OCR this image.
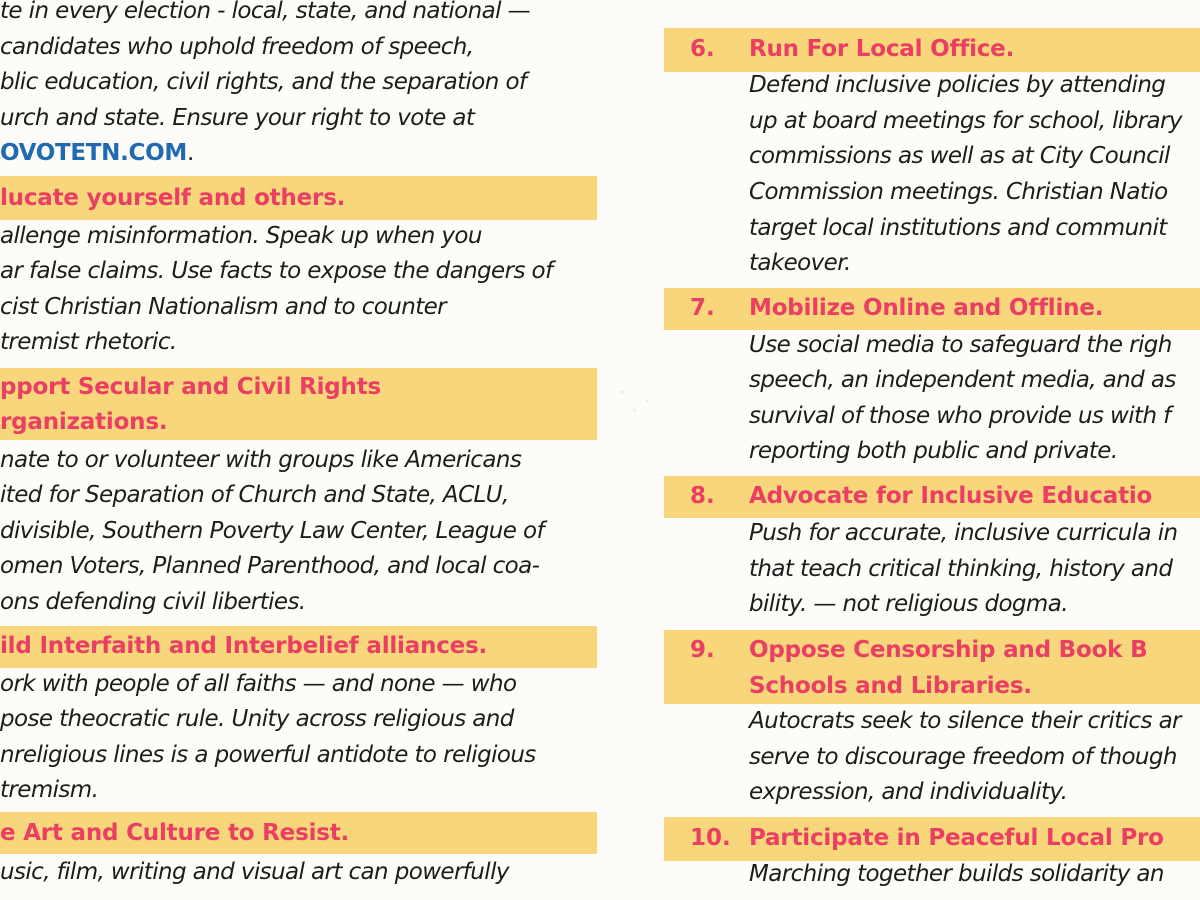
te in every election - local, state, and national —
candidates who uphold freedom of speech,
blic education, civil rights, and the separation of
urch and state. Ensure your right to vote at
OVOTETN.COM.
lucate yourself and others.
allenge misinformation. Speak up when you
ar false claims. Use facts to expose the dangers of
cist Christian Nationalism and to counter
tremist rhetoric.
pport Secular and Civil Rights
rganizations.
nate to or volunteer with groups like Americans
ited for Separation of Church and State, ACLU,
divisible, Southern Poverty Law Center, League of
omen Voters, Planned Parenthood, and local coa-
ons defending civil liberties.
ild Interfaith and Interbelief alliances.
ork with people of all faiths — and none — who
pose theocratic rule. Unity across religious and
nreligious lines is a powerful antidote to religious
tremism.
e Art and Culture to Resist.
usic, film, writing and visual art can powerfully
6. Run For Local Office.
Defend inclusive policies by attending
up at board meetings for school, library
commissions as well as at City Council
Commission meetings. Christian Natio
target local institutions and communit
takeover.
7. Mobilize Online and Offline.
Use social media to safeguard the righ
speech, an independent media, and as
survival of those who provide us with f
reporting both public and private.
8. Advocate for Inclusive Educatio
Push for accurate, inclusive curricula in
that teach critical thinking, history and
bility. — not religious dogma.
9. Oppose Censorship and Book B
Schools and Libraries.
Autocrats seek to silence their critics ar
serve to discourage freedom of though
expression, and individuality.
10. Participate in Peaceful Local Pro
Marching together builds solidarity an
